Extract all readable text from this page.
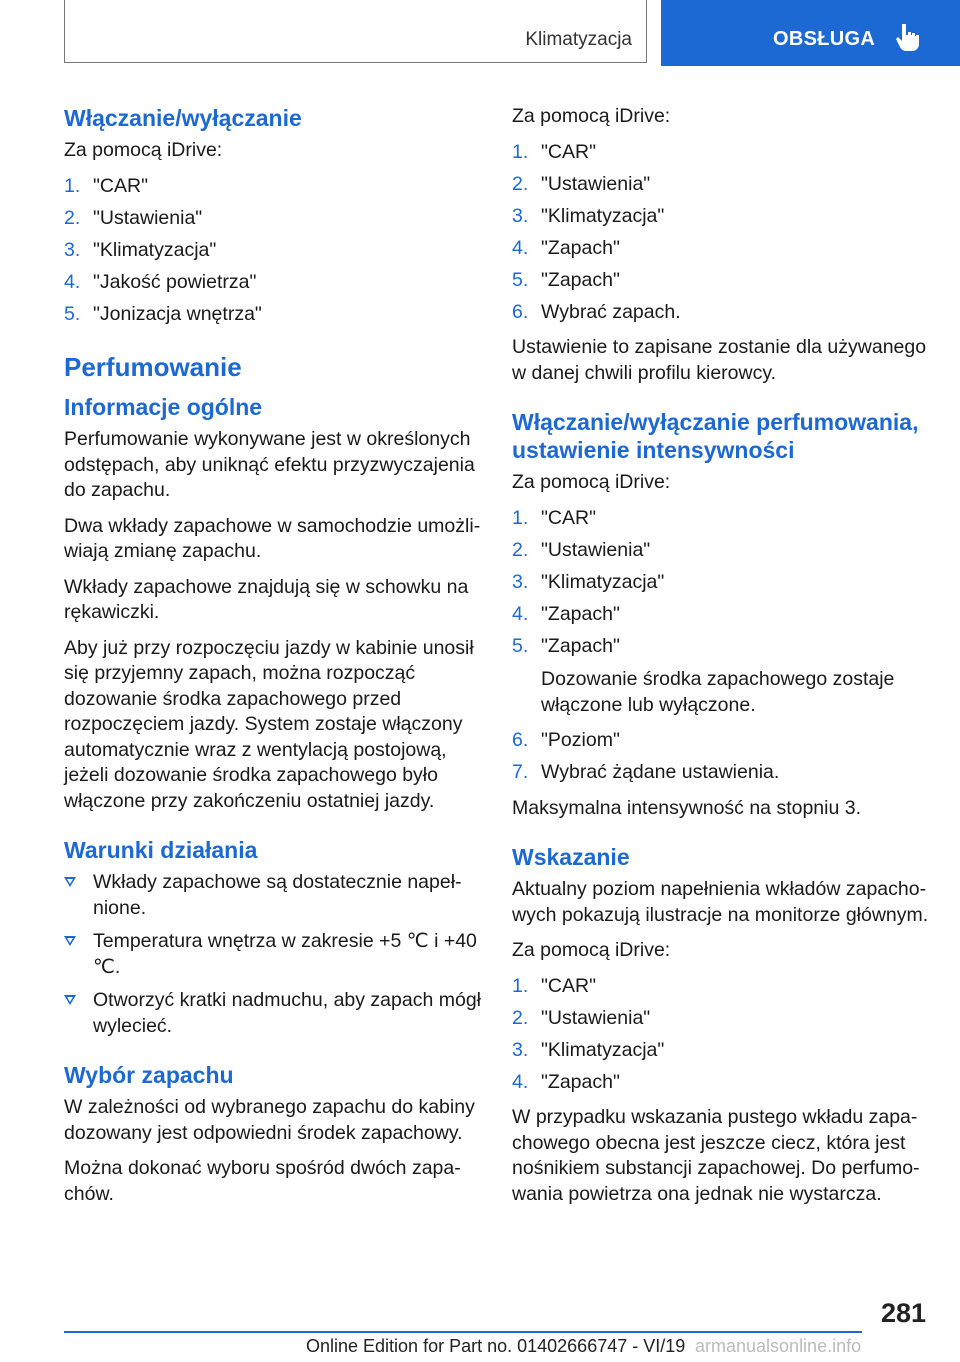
Klimatyzacja	OBSŁUGA
Włączanie/wyłączanie

Za pomocą iDrive:

1. "CAR"
2. "Ustawienia"
3. "Klimatyzacja"
4. "Jakość powietrza"
5. "Jonizacja wnętrza"
Perfumowanie
Informacje ogólne

Perfumowanie wykonywane jest w określonych odstępach, aby uniknąć efektu przyzwyczajenia do zapachu.

Dwa wkłady zapachowe w samochodzie umożliwiają zmianę zapachu.

Wkłady zapachowe znajdują się w schowku na rękawiczki.

Aby już przy rozpoczęciu jazdy w kabinie unosił się przyjemny zapach, można rozpocząć dozowanie środka zapachowego przed rozpoczęciem jazdy. System zostaje włączony automatycznie wraz z wentylacją postojową, jeżeli dozowanie środka zapachowego było włączone przy zakończeniu ostatniej jazdy.

Warunki działania
Wkłady zapachowe są dostatecznie napełnione.
Temperatura wnętrza w zakresie +5 ℃ i +40 ℃.
Otworzyć kratki nadmuchu, aby zapach mógł wylecieć.
Wybór zapachu

W zależności od wybranego zapachu do kabiny dozowany jest odpowiedni środek zapachowy.

Można dokonać wyboru spośród dwóch zapachów.

Za pomocą iDrive:

1. "CAR"
2. "Ustawienia"
3. "Klimatyzacja"
4. "Zapach"
5. "Zapach"
6. Wybrać zapach.

Ustawienie to zapisane zostanie dla używanego w danej chwili profilu kierowcy.

Włączanie/wyłączanie perfumowania, ustawienie intensywności

Za pomocą iDrive:

1. "CAR"
2. "Ustawienia"
3. "Klimatyzacja"
4. "Zapach"
5. "Zapach"

Dozowanie środka zapachowego zostaje włączone lub wyłączone.

6. "Poziom"
7. Wybrać żądane ustawienia.

Maksymalna intensywność na stopniu 3.

Wskazanie

Aktualny poziom napełnienia wkładów zapachowych pokazują ilustracje na monitorze głównym.

Za pomocą iDrive:

1. "CAR"
2. "Ustawienia"
3. "Klimatyzacja"
4. "Zapach"

W przypadku wskazania pustego wkładu zapachowego obecna jest jeszcze ciecz, która jest nośnikiem substancji zapachowej. Do perfumowania powietrza ona jednak nie wystarcza.

281
Online Edition for Part no. 01402666747 - VI/19 armanualsonline.info
